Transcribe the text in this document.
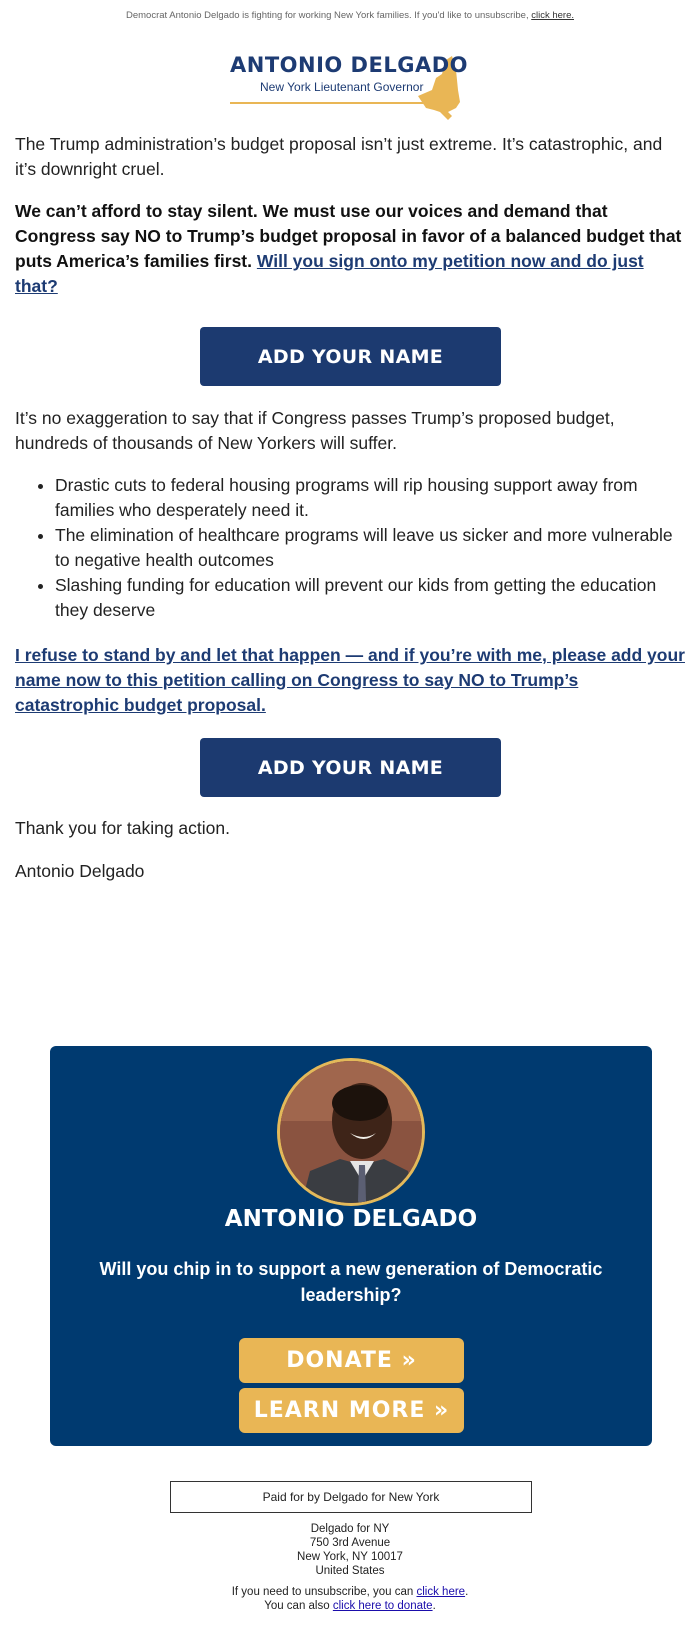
Democrat Antonio Delgado is fighting for working New York families. If you'd like to unsubscribe, click here.
ANTONIO DELGADO
New York Lieutenant Governor

The Trump administration’s budget proposal isn’t just extreme. It’s catastrophic, and it’s downright cruel.

We can’t afford to stay silent. We must use our voices and demand that Congress say NO to Trump’s budget proposal in favor of a balanced budget that puts America’s families first. Will you sign onto my petition now and do just that?

ADD YOUR NAME

It’s no exaggeration to say that if Congress passes Trump’s proposed budget, hundreds of thousands of New Yorkers will suffer.

• Drastic cuts to federal housing programs will rip housing support away from families who desperately need it.
• The elimination of healthcare programs will leave us sicker and more vulnerable to negative health outcomes
• Slashing funding for education will prevent our kids from getting the education they deserve

I refuse to stand by and let that happen — and if you’re with me, please add your name now to this petition calling on Congress to say NO to Trump’s catastrophic budget proposal.

ADD YOUR NAME

Thank you for taking action.

Antonio Delgado

ANTONIO DELGADO
Will you chip in to support a new generation of Democratic leadership?
DONATE »
LEARN MORE »
Paid for by Delgado for New York
Delgado for NY
750 3rd Avenue
New York, NY 10017
United States
If you need to unsubscribe, you can click here.
You can also click here to donate.
